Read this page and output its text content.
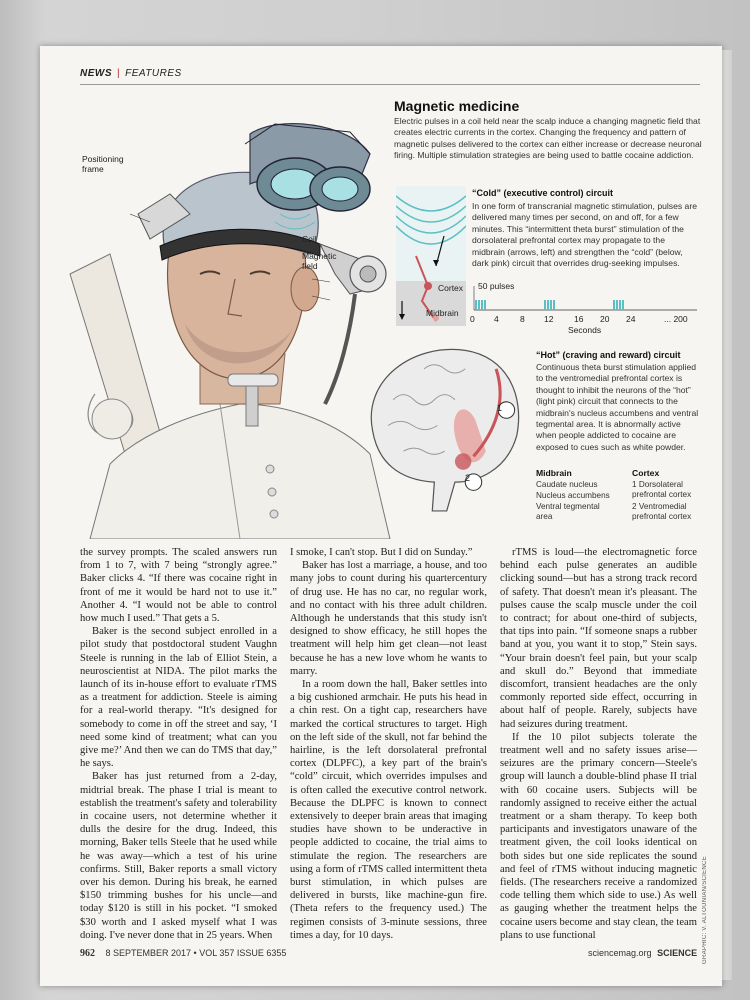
NEWS | FEATURES
Positioning frame
Coil
Magnetic field
Magnetic medicine
Electric pulses in a coil held near the scalp induce a changing magnetic field that creates electric currents in the cortex. Changing the frequency and pattern of magnetic pulses delivered to the cortex can either increase or decrease neuronal firing. Multiple stimulation strategies are being used to battle cocaine addiction.
Cortex
Midbrain
“Cold” (executive control) circuit
In one form of transcranial magnetic stimulation, pulses are delivered many times per second, on and off, for a few minutes. This “intermittent theta burst” stimulation of the dorsolateral prefrontal cortex may propagate to the midbrain (arrows, left) and strengthen the “cold” (below, dark pink) circuit that overrides drug-seeking impulses.
50 pulses
0 4	8 12 16 20 24	... 200
Seconds
1
2
“Hot” (craving and reward) circuit
Continuous theta burst stimulation applied to the ventromedial prefrontal cortex is thought to inhibit the neurons of the “hot” (light pink) circuit that connects to the midbrain's nucleus accumbens and ventral tegmental area. It is abnormally active when people addicted to cocaine are exposed to cues such as white powder.
Midbrain
Caudate nucleus
Nucleus accumbens
Ventral tegmental area
Cortex
1 Dorsolateral prefrontal cortex
2 Ventromedial prefrontal cortex

the survey prompts. The scaled answers run from 1 to 7, with 7 being “strongly agree.” Baker clicks 4. “If there was cocaine right in front of me it would be hard not to use it.” Another 4. “I would not be able to control how much I used.” That gets a 5.

Baker is the second subject enrolled in a pilot study that postdoctoral student Vaughn Steele is running in the lab of Elliot Stein, a neuroscientist at NIDA. The pilot marks the launch of its in-house effort to evaluate rTMS as a treatment for addiction. Steele is aiming for a real-world therapy. “It's designed for somebody to come in off the street and say, ‘I need some kind of treatment; what can you give me?’ And then we can do TMS that day,” he says.

Baker has just returned from a 2-day, midtrial break. The phase I trial is meant to establish the treatment's safety and tolerability in cocaine users, not determine whether it dulls the desire for the drug. Indeed, this morning, Baker tells Steele that he used while he was away—which a test of his urine confirms. Still, Baker reports a small victory over his demon. During his break, he earned $150 trimming bushes for his uncle—and today $120 is still in his pocket. “I smoked $30 worth and I asked myself what I was doing. I've never done that in 25 years. When

I smoke, I can't stop. But I did on Sunday.”

Baker has lost a marriage, a house, and too many jobs to count during his quartercentury of drug use. He has no car, no regular work, and no contact with his three adult children. Although he understands that this study isn't designed to show efficacy, he still hopes the treatment will help him get clean—not least because he has a new love whom he wants to marry.

In a room down the hall, Baker settles into a big cushioned armchair. He puts his head in a chin rest. On a tight cap, researchers have marked the cortical structures to target. High on the left side of the skull, not far behind the hairline, is the left dorsolateral prefrontal cortex (DLPFC), a key part of the brain's “cold” circuit, which overrides impulses and is often called the executive control network. Because the DLPFC is known to connect extensively to deeper brain areas that imaging studies have shown to be underactive in people addicted to cocaine, the trial aims to stimulate the region. The researchers are using a form of rTMS called intermittent theta burst stimulation, in which pulses are delivered in bursts, like machine-gun fire. (Theta refers to the frequency used.) The regimen consists of 3-minute sessions, three times a day, for 10 days.

rTMS is loud—the electromagnetic force behind each pulse generates an audible clicking sound—but has a strong track record of safety. That doesn't mean it's pleasant. The pulses cause the scalp muscle under the coil to contract; for about one-third of subjects, that tips into pain. “If someone snaps a rubber band at you, you want it to stop,” Stein says. “Your brain doesn't feel pain, but your scalp and skull do.” Beyond that immediate discomfort, transient headaches are the only commonly reported side effect, occurring in about half of people. Rarely, subjects have had seizures during treatment.

If the 10 pilot subjects tolerate the treatment well and no safety issues arise—seizures are the primary concern—Steele's group will launch a double-blind phase II trial with 60 cocaine users. Subjects will be randomly assigned to receive either the actual treatment or a sham therapy. To keep both participants and investigators unaware of the treatment given, the coil looks identical on both sides but one side replicates the sound and feel of rTMS without inducing magnetic fields. (The researchers receive a randomized code telling them which side to use.) As well as gauging whether the treatment helps the cocaine users become and stay clean, the team plans to use functional	GRAPHIC: V. ALTOUNIAN/SCIENCE
962 8 SEPTEMBER 2017 • VOL 357 ISSUE 6355	sciencemag.org SCIENCE
